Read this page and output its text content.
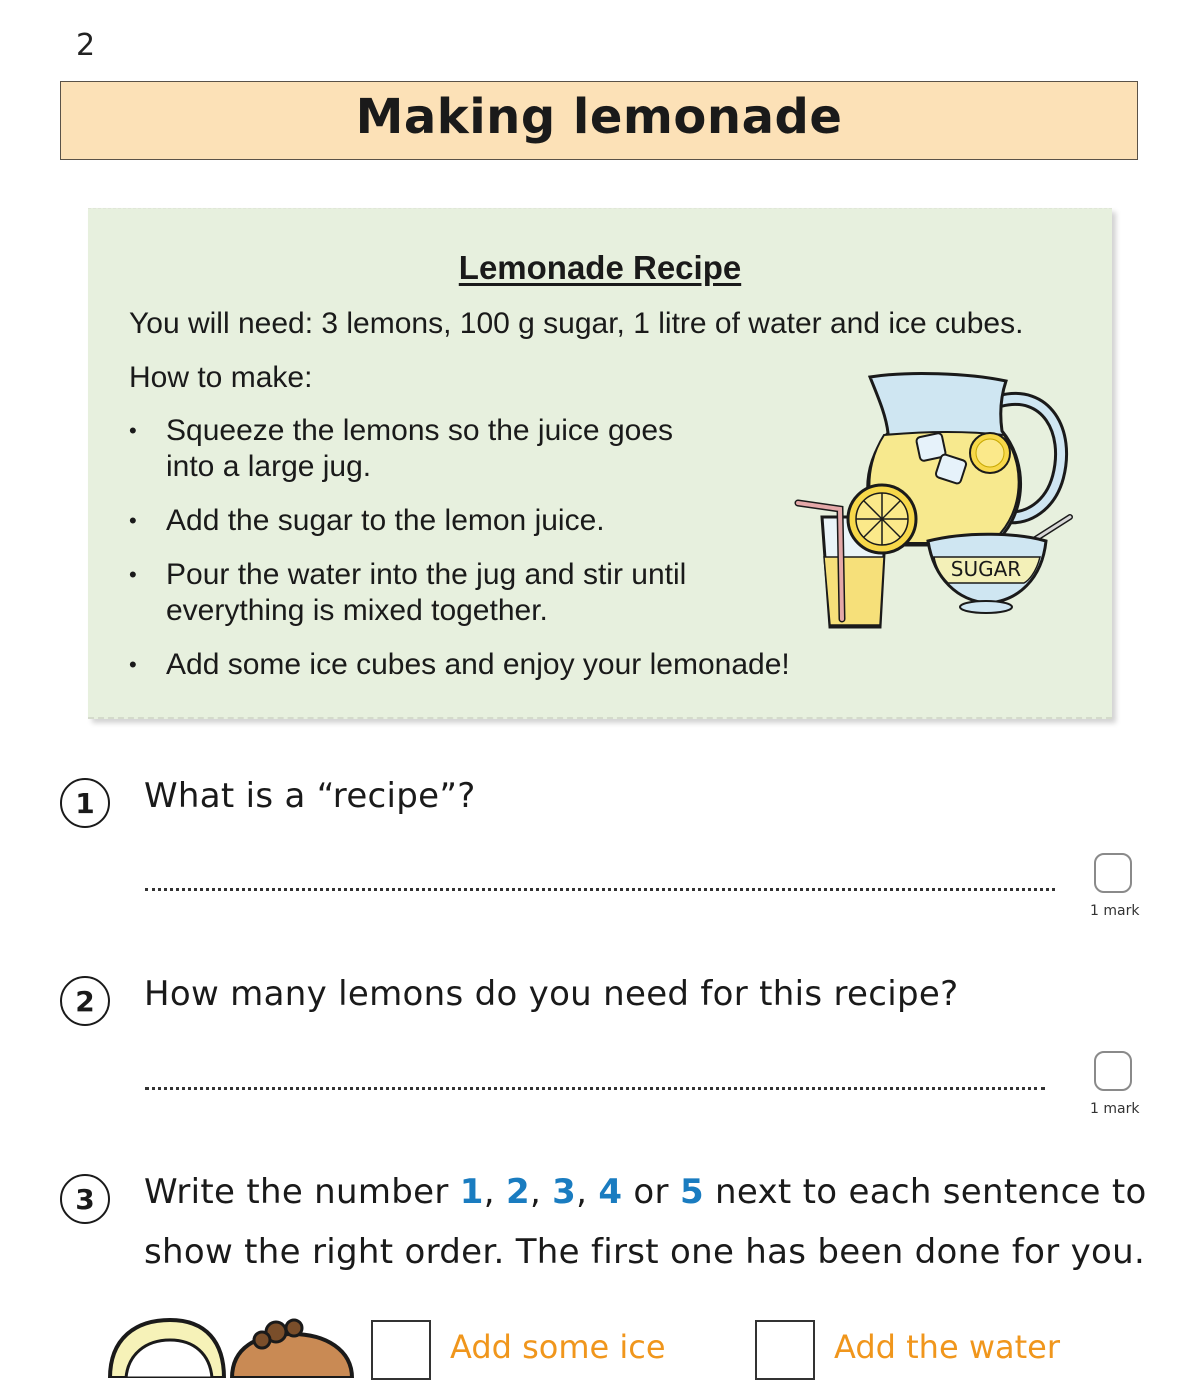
2
Making lemonade
Lemonade Recipe
You will need: 3 lemons, 100 g sugar, 1 litre of water and ice cubes.
How to make:
• Squeeze the lemons so the juice goes into a large jug.
• Add the sugar to the lemon juice.
• Pour the water into the jug and stir until everything is mixed together.
• Add some ice cubes and enjoy your lemonade!
SUGAR
1	What is a “recipe”?
1 mark
2	How many lemons do you need for this recipe?
1 mark
3	Write the number 1, 2, 3, 4 or 5 next to each sentence to
show the right order. The first one has been done for you.
Add some ice	Add the water
